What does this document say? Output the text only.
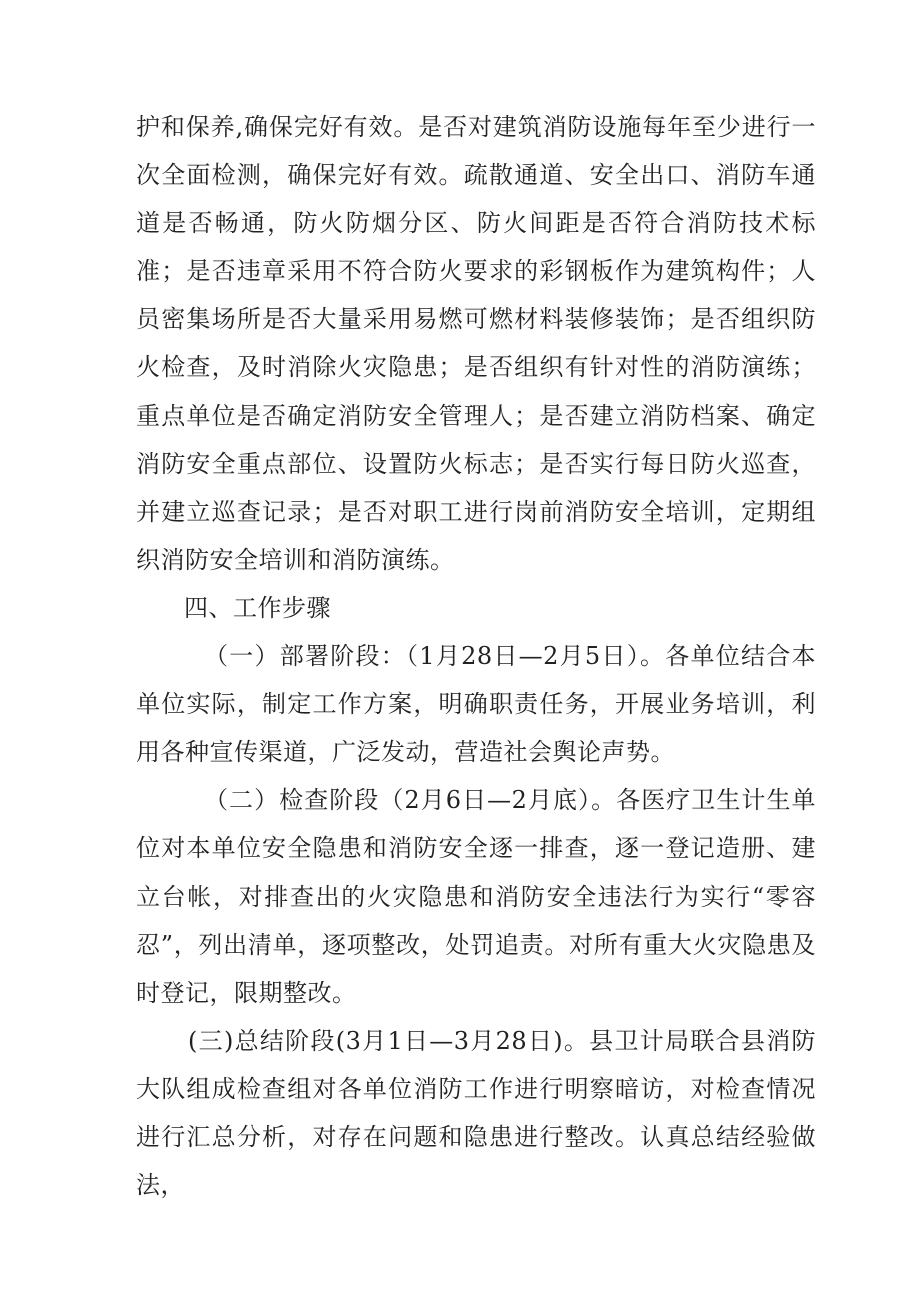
护和保养,确保完好有效。是否对建筑消防设施每年至少进行一次全面检测，确保完好有效。疏散通道、安全出口、消防车通道是否畅通，防火防烟分区、防火间距是否符合消防技术标准；是否违章采用不符合防火要求的彩钢板作为建筑构件；人员密集场所是否大量采用易燃可燃材料装修装饰；是否组织防火检查，及时消除火灾隐患；是否组织有针对性的消防演练；重点单位是否确定消防安全管理人；是否建立消防档案、确定消防安全重点部位、设置防火标志；是否实行每日防火巡查，并建立巡查记录；是否对职工进行岗前消防安全培训，定期组织消防安全培训和消防演练。

四、工作步骤

（一）部署阶段：（1月28日—2月5日）。各单位结合本单位实际，制定工作方案，明确职责任务，开展业务培训，利用各种宣传渠道，广泛发动，营造社会舆论声势。

（二）检查阶段（2月6日—2月底）。各医疗卫生计生单位对本单位安全隐患和消防安全逐一排查，逐一登记造册、建立台帐，对排查出的火灾隐患和消防安全违法行为实行“零容忍”，列出清单，逐项整改，处罚追责。对所有重大火灾隐患及时登记，限期整改。

(三)总结阶段(3月1日—3月28日)。县卫计局联合县消防大队组成检查组对各单位消防工作进行明察暗访，对检查情况进行汇总分析，对存在问题和隐患进行整改。认真总结经验做法，
